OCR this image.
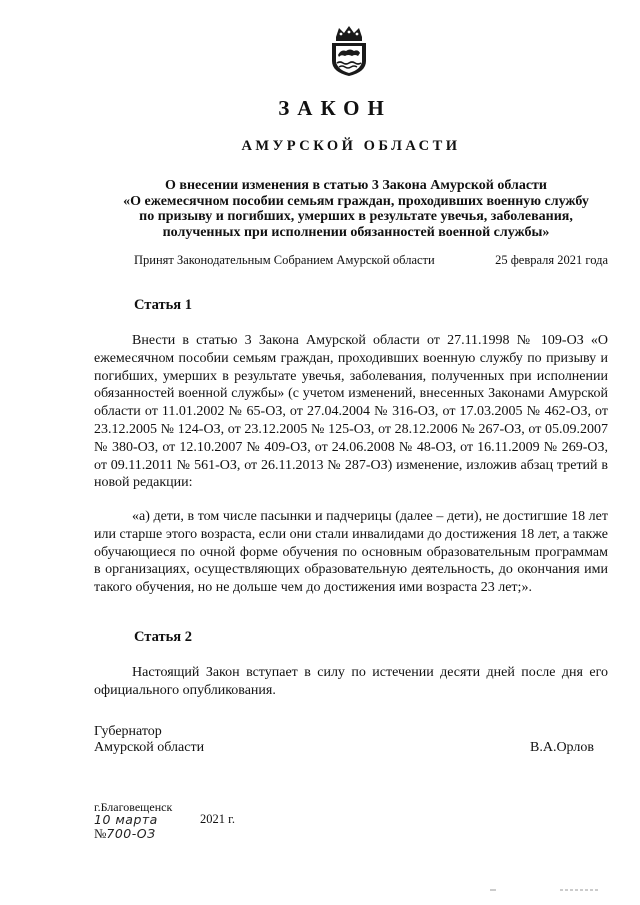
ЗАКОН
АМУРСКОЙ ОБЛАСТИ
О внесении изменения в статью 3 Закона Амурской области
«О ежемесячном пособии семьям граждан, проходивших военную службу
по призыву и погибших, умерших в результате увечья, заболевания,
полученных при исполнении обязанностей военной службы»
Принят Законодательным Собранием Амурской области	25 февраля 2021 года
Статья 1
Внести в статью 3 Закона Амурской области от 27.11.1998 № 109-ОЗ «О ежемесячном пособии семьям граждан, проходивших военную службу по призыву и погибших, умерших в результате увечья, заболевания, полученных при исполнении обязанностей военной службы» (с учетом изменений, внесенных Законами Амурской области от 11.01.2002 № 65-ОЗ, от 27.04.2004 № 316-ОЗ, от 17.03.2005 № 462-ОЗ, от 23.12.2005 № 124-ОЗ, от 23.12.2005 № 125-ОЗ, от 28.12.2006 № 267-ОЗ, от 05.09.2007 № 380-ОЗ, от 12.10.2007 № 409-ОЗ, от 24.06.2008 № 48-ОЗ, от 16.11.2009 № 269-ОЗ, от 09.11.2011 № 561-ОЗ, от 26.11.2013 № 287-ОЗ) изменение, изложив абзац третий в новой редакции:
«а) дети, в том числе пасынки и падчерицы (далее – дети), не достигшие 18 лет или старше этого возраста, если они стали инвалидами до достижения 18 лет, а также обучающиеся по очной форме обучения по основным образовательным программам в организациях, осуществляющих образовательную деятельность, до окончания ими такого обучения, но не дольше чем до достижения ими возраста 23 лет;».
Статья 2
Настоящий Закон вступает в силу по истечении десяти дней после дня его официального опубликования.
Губернатор
Амурской области	В.А.Орлов
г.Благовещенск
10 марта	2021 г.
№700-ОЗ
